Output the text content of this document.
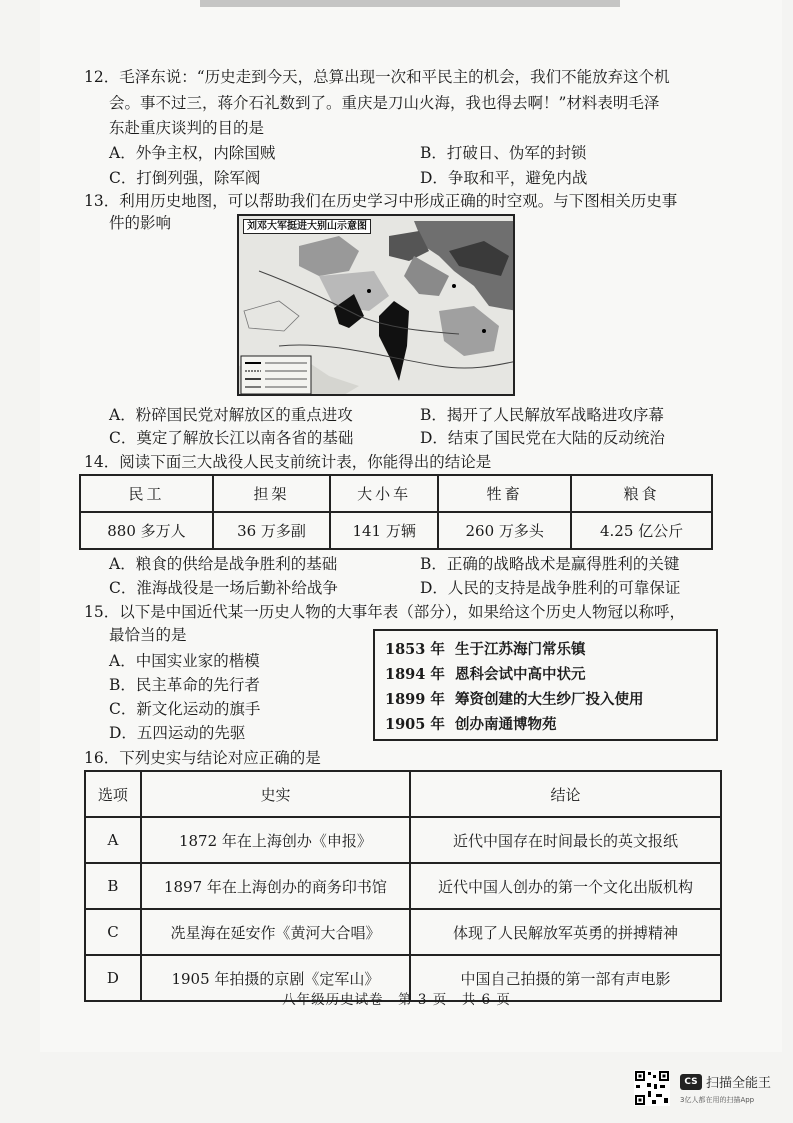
12．毛泽东说：“历史走到今天，总算出现一次和平民主的机会，我们不能放弃这个机
会。事不过三，蒋介石礼数到了。重庆是刀山火海，我也得去啊！”材料表明毛泽
东赴重庆谈判的目的是
A．外争主权，内除国贼	B．打破日、伪军的封锁
C．打倒列强，除军阀	D．争取和平，避免内战
13．利用历史地图，可以帮助我们在历史学习中形成正确的时空观。与下图相关历史事
件的影响	刘邓大军挺进大别山示意图
A．粉碎国民党对解放区的重点进攻	B．揭开了人民解放军战略进攻序幕
C．奠定了解放长江以南各省的基础	D．结束了国民党在大陆的反动统治
14．阅读下面三大战役人民支前统计表，你能得出的结论是
民工	担架	大小车	牲畜	粮食
880 多万人	36 万多副	141 万辆	260 万多头	4.25 亿公斤
A．粮食的供给是战争胜利的基础	B．正确的战略战术是赢得胜利的关键
C．淮海战役是一场后勤补给战争	D．人民的支持是战争胜利的可靠保证
15．以下是中国近代某一历史人物的大事年表（部分），如果给这个历史人物冠以称呼，
最恰当的是
A．中国实业家的楷模
B．民主革命的先行者
C．新文化运动的旗手
D．五四运动的先驱
1853 年 生于江苏海门常乐镇
1894 年 恩科会试中高中状元
1899 年 筹资创建的大生纱厂投入使用
1905 年 创办南通博物苑
16．下列史实与结论对应正确的是
选项	史实	结论
A	1872 年在上海创办《申报》	近代中国存在时间最长的英文报纸
B	1897 年在上海创办的商务印书馆	近代中国人创办的第一个文化出版机构
C	冼星海在延安作《黄河大合唱》	体现了人民解放军英勇的拼搏精神
D	1905 年拍摄的京剧《定军山》	中国自己拍摄的第一部有声电影
八年级历史试卷　第 3 页　共 6 页
CS 扫描全能王
3亿人都在用的扫描App
